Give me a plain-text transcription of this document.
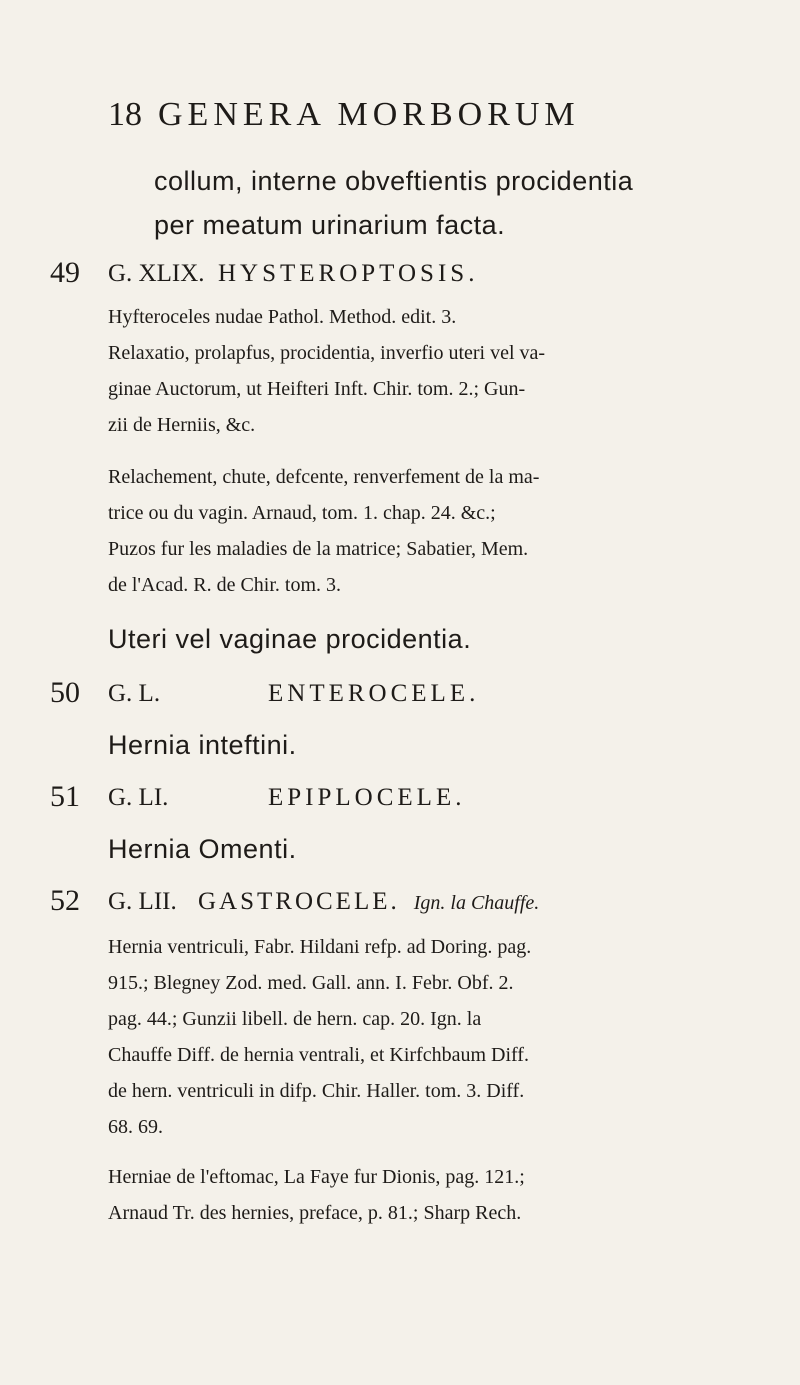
18 GENERA MORBORUM
collum, interne obveftientis procidentia
per meatum urinarium facta.
49 G. XLIX. HYSTEROPTOSIS.
Hyfteroceles nudae Pathol. Method. edit. 3.
Relaxatio, prolapfus, procidentia, inverfio uteri vel va-
ginae Auctorum, ut Heifteri Inft. Chir. tom. 2.; Gun-
zii de Herniis, &c.
Relachement, chute, defcente, renverfement de la ma-
trice ou du vagin. Arnaud, tom. 1. chap. 24. &c.;
Puzos fur les maladies de la matrice; Sabatier, Mem.
de l'Acad. R. de Chir. tom. 3.
Uteri vel vaginae procidentia.
50 G. L.	ENTEROCELE.
Hernia inteftini.
51 G. LI.	EPIPLOCELE.
Hernia Omenti.
52 G. LII. GASTROCELE. Ign. la Chauffe.
Hernia ventriculi, Fabr. Hildani refp. ad Doring. pag.
915.; Blegney Zod. med. Gall. ann. I. Febr. Obf. 2.
pag. 44.; Gunzii libell. de hern. cap. 20. Ign. la
Chauffe Diff. de hernia ventrali, et Kirfchbaum Diff.
de hern. ventriculi in difp. Chir. Haller. tom. 3. Diff.
68. 69.
Herniae de l'eftomac, La Faye fur Dionis, pag. 121.;
Arnaud Tr. des hernies, preface, p. 81.; Sharp Rech.
